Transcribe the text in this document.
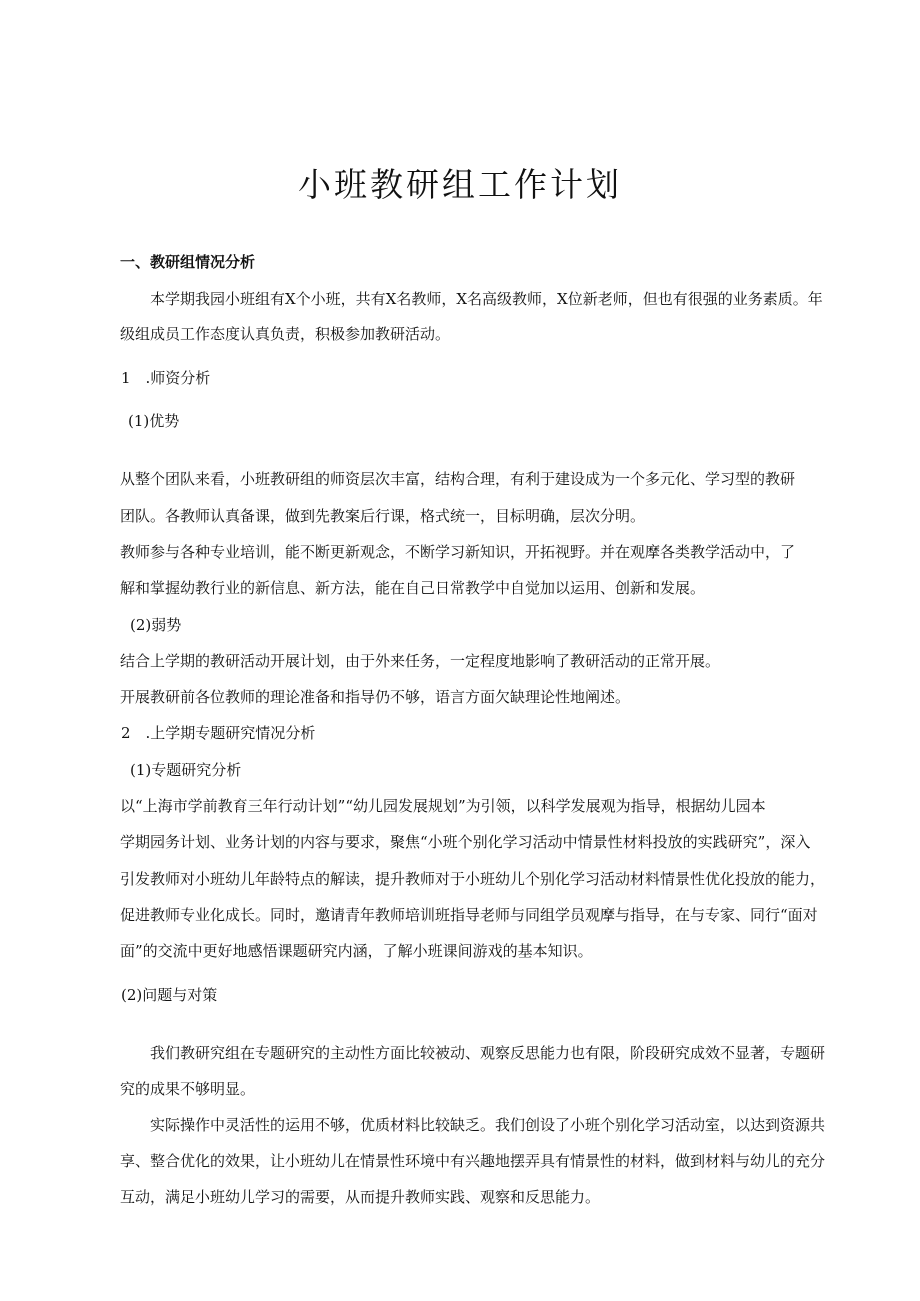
小班教研组工作计划

一、教研组情况分析

本学期我园小班组有X个小班，共有X名教师，X名高级教师，X位新老师，但也有很强的业务素质。年

级组成员工作态度认真负责，积极参加教研活动。

1　.师资分析

(1)优势

从整个团队来看，小班教研组的师资层次丰富，结构合理，有利于建设成为一个多元化、学习型的教研

团队。各教师认真备课，做到先教案后行课，格式统一，目标明确，层次分明。

教师参与各种专业培训，能不断更新观念，不断学习新知识，开拓视野。并在观摩各类教学活动中，了

解和掌握幼教行业的新信息、新方法，能在自己日常教学中自觉加以运用、创新和发展。

(2)弱势

结合上学期的教研活动开展计划，由于外来任务，一定程度地影响了教研活动的正常开展。

开展教研前各位教师的理论准备和指导仍不够，语言方面欠缺理论性地阐述。

2　.上学期专题研究情况分析

(1)专题研究分析

以“上海市学前教育三年行动计划”“幼儿园发展规划”为引领，以科学发展观为指导，根据幼儿园本

学期园务计划、业务计划的内容与要求，聚焦“小班个别化学习活动中情景性材料投放的实践研究”，深入

引发教师对小班幼儿年龄特点的解读，提升教师对于小班幼儿个别化学习活动材料情景性优化投放的能力，

促进教师专业化成长。同时，邀请青年教师培训班指导老师与同组学员观摩与指导，在与专家、同行“面对

面”的交流中更好地感悟课题研究内涵，了解小班课间游戏的基本知识。

(2)问题与对策

我们教研究组在专题研究的主动性方面比较被动、观察反思能力也有限，阶段研究成效不显著，专题研

究的成果不够明显。

实际操作中灵活性的运用不够，优质材料比较缺乏。我们创设了小班个别化学习活动室，以达到资源共

享、整合优化的效果，让小班幼儿在情景性环境中有兴趣地摆弄具有情景性的材料，做到材料与幼儿的充分

互动，满足小班幼儿学习的需要，从而提升教师实践、观察和反思能力。
